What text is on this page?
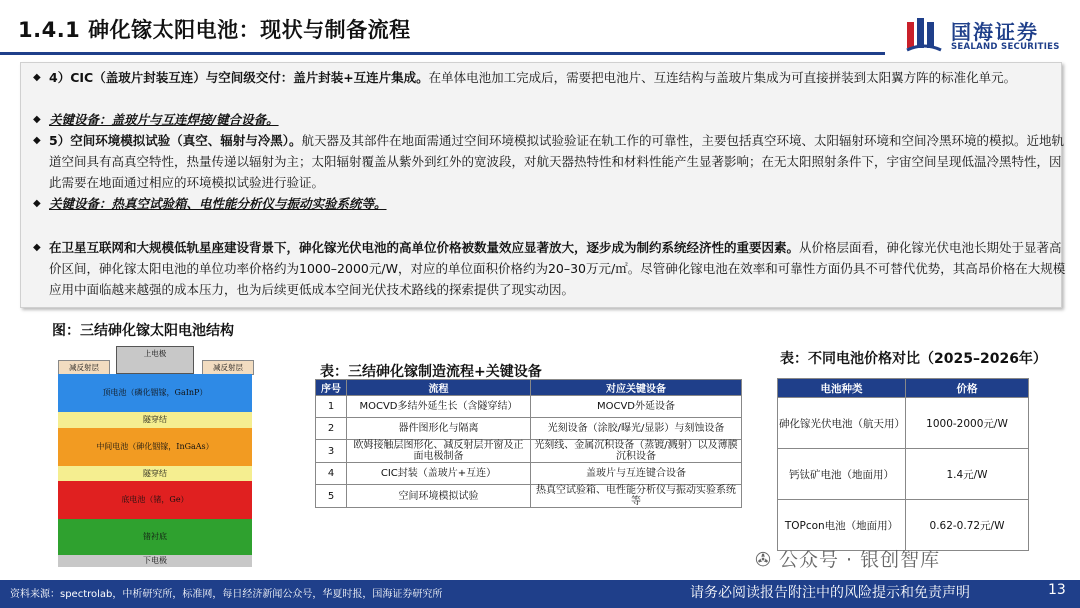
1.4.1 砷化镓太阳电池：现状与制备流程	国海证券
SEALAND SECURITIES
◆ 4）CIC（盖玻片封装互连）与空间级交付：盖片封装+互连片集成。在单体电池加工完成后，需要把电池片、互连结构与盖玻片集成为可直接拼装到太阳翼方阵的标准化单元。
◆ 关键设备：盖玻片与互连焊接/键合设备。
◆ 5）空间环境模拟试验（真空、辐射与冷黑）。航天器及其部件在地面需通过空间环境模拟试验验证在轨工作的可靠性，主要包括真空环境、太阳辐射环境和空间冷黑环境的模拟。近地轨道空间具有高真空特性，热量传递以辐射为主；太阳辐射覆盖从紫外到红外的宽波段，对航天器热特性和材料性能产生显著影响；在无太阳照射条件下，宇宙空间呈现低温冷黑特性，因此需要在地面通过相应的环境模拟试验进行验证。
◆ 关键设备：热真空试验箱、电性能分析仪与振动实验系统等。
◆ 在卫星互联网和大规模低轨星座建设背景下，砷化镓光伏电池的高单位价格被数量效应显著放大，逐步成为制约系统经济性的重要因素。从价格层面看，砷化镓光伏电池长期处于显著高价区间，砷化镓太阳电池的单位功率价格约为1000–2000元/W，对应的单位面积价格约为20–30万元/㎡。尽管砷化镓电池在效率和可靠性方面仍具不可替代优势，其高昂价格在大规模应用中面临越来越强的成本压力，也为后续更低成本空间光伏技术路线的探索提供了现实动因。
图：三结砷化镓太阳电池结构
上电极
减反射层	减反射层
顶电池（磷化铟镓，GaInP）
隧穿结
中间电池（砷化铟镓，InGaAs）
隧穿结
底电池（锗，Ge）
锗衬底
下电极
表：三结砷化镓制造流程+关键设备
序号	流程	对应关键设备
1	MOCVD多结外延生长（含隧穿结）	MOCVD外延设备
2	器件图形化与隔离	光刻设备（涂胶/曝光/显影）与刻蚀设备
3	欧姆接触层图形化、减反射层开窗及正面电极制备	光刻线、金属沉积设备（蒸镀/溅射）以及薄膜沉积设备
4	CIC封装（盖玻片+互连）	盖玻片与互连键合设备
5	空间环境模拟试验	热真空试验箱、电性能分析仪与振动实验系统等
表：不同电池价格对比（2025–2026年）
电池种类	价格
砷化镓光伏电池（航天用）	1000-2000元/W
钙钛矿电池（地面用）	1.4元/W
TOPcon电池（地面用）	0.62-0.72元/W
✇ 公众号 · 银创智库
资料来源：spectrolab，中析研究所，标准网，每日经济新闻公众号，华夏时报，国海证券研究所	请务必阅读报告附注中的风险提示和免责声明	13
